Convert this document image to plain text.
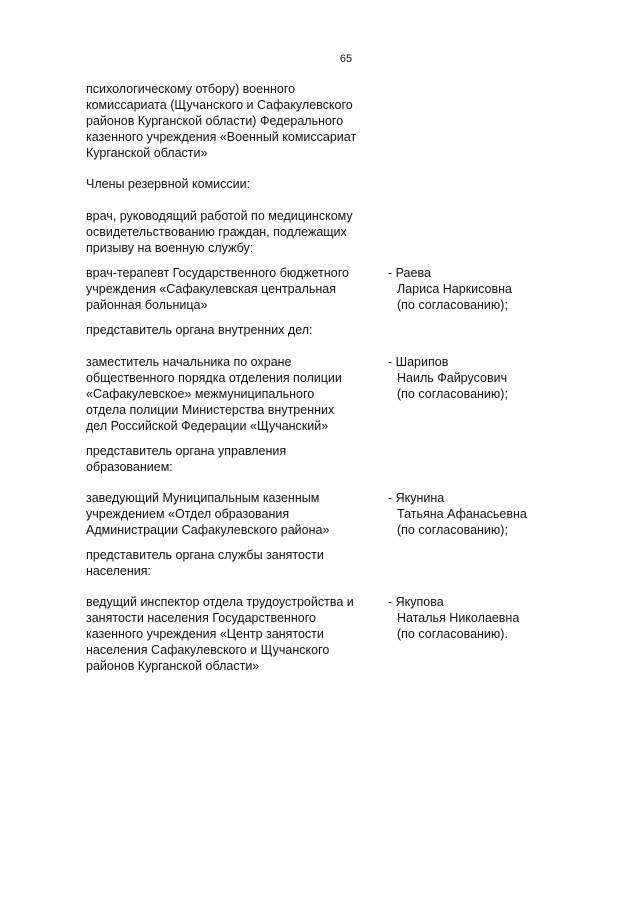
65
психологическому отбору) военного
комиссариата (Щучанского и Сафакулевского
районов Курганской области) Федерального
казенного учреждения «Военный комиссариат
Курганской области»
Члены резервной комиссии:
врач, руководящий работой по медицинскому
освидетельствованию граждан, подлежащих
призыву на военную службу:
врач-терапевт Государственного бюджетного
учреждения «Сафакулевская центральная
районная больница»
- Раева
Лариса Наркисовна
(по согласованию);
представитель органа внутренних дел:
заместитель начальника по охране
общественного порядка отделения полиции
«Сафакулевское» межмуниципального
отдела полиции Министерства внутренних
дел Российской Федерации «Щучанский»
- Шарипов
Наиль Файрусович
(по согласованию);
представитель органа управления
образованием:
заведующий Муниципальным казенным
учреждением «Отдел образования
Администрации Сафакулевского района»
- Якунина
Татьяна Афанасьевна
(по согласованию);
представитель органа службы занятости
населения:
ведущий инспектор отдела трудоустройства и
занятости населения Государственного
казенного учреждения «Центр занятости
населения Сафакулевского и Щучанского
районов Курганской области»
- Якупова
Наталья Николаевна
(по согласованию).
